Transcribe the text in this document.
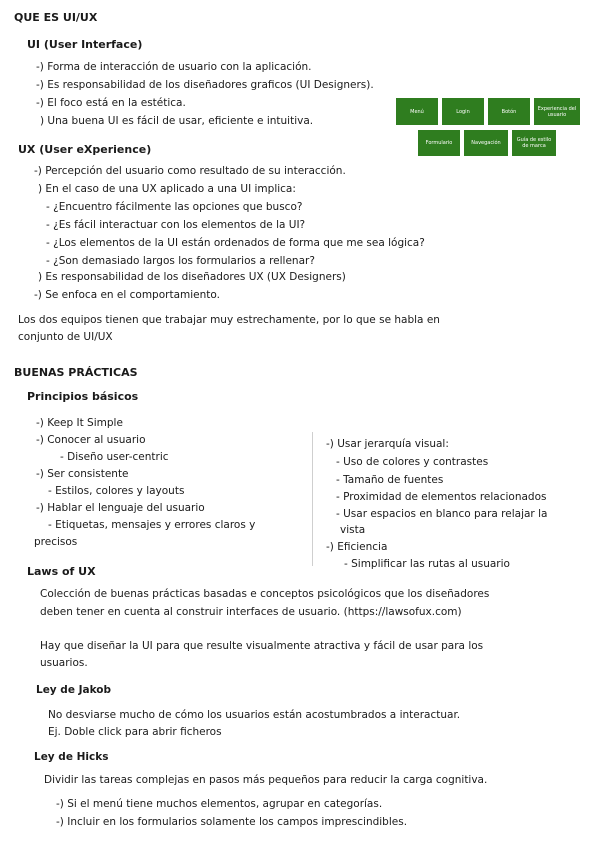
QUE ES UI/UX
UI (User Interface)
-) Forma de interacción de usuario con la aplicación.
-) Es responsabilidad de los diseñadores graficos (UI Designers).
-) El foco está en la estética.
) Una buena UI es fácil de usar, eficiente e intuitiva.
Menú	Login	Botón	Experiencia del usuario
Formulario	Navegación	Guía de estilo de marca
UX (User eXperience)
-) Percepción del usuario como resultado de su interacción.
) En el caso de una UX aplicado a una UI implica:
- ¿Encuentro fácilmente las opciones que busco?
- ¿Es fácil interactuar con los elementos de la UI?
- ¿Los elementos de la UI están ordenados de forma que me sea lógica?
- ¿Son demasiado largos los formularios a rellenar?
) Es responsabilidad de los diseñadores UX (UX Designers)
-) Se enfoca en el comportamiento.
Los dos equipos tienen que trabajar muy estrechamente, por lo que se habla en
conjunto de UI/UX
BUENAS PRÁCTICAS
Principios básicos
-) Keep It Simple
-) Conocer al usuario
- Diseño user-centric
-) Ser consistente
- Estilos, colores y layouts
-) Hablar el lenguaje del usuario
- Etiquetas, mensajes y errores claros y
precisos
-) Usar jerarquía visual:
- Uso de colores y contrastes
- Tamaño de fuentes
- Proximidad de elementos relacionados
- Usar espacios en blanco para relajar la
vista
-) Eficiencia
- Simplificar las rutas al usuario
Laws of UX
Colección de buenas prácticas basadas e conceptos psicológicos que los diseñadores
deben tener en cuenta al construir interfaces de usuario. (https://lawsofux.com)
Hay que diseñar la UI para que resulte visualmente atractiva y fácil de usar para los
usuarios.
Ley de Jakob
No desviarse mucho de cómo los usuarios están acostumbrados a interactuar.
Ej. Doble click para abrir ficheros
Ley de Hicks
Dividir las tareas complejas en pasos más pequeños para reducir la carga cognitiva.
-) Si el menú tiene muchos elementos, agrupar en categorías.
-) Incluir en los formularios solamente los campos imprescindibles.
